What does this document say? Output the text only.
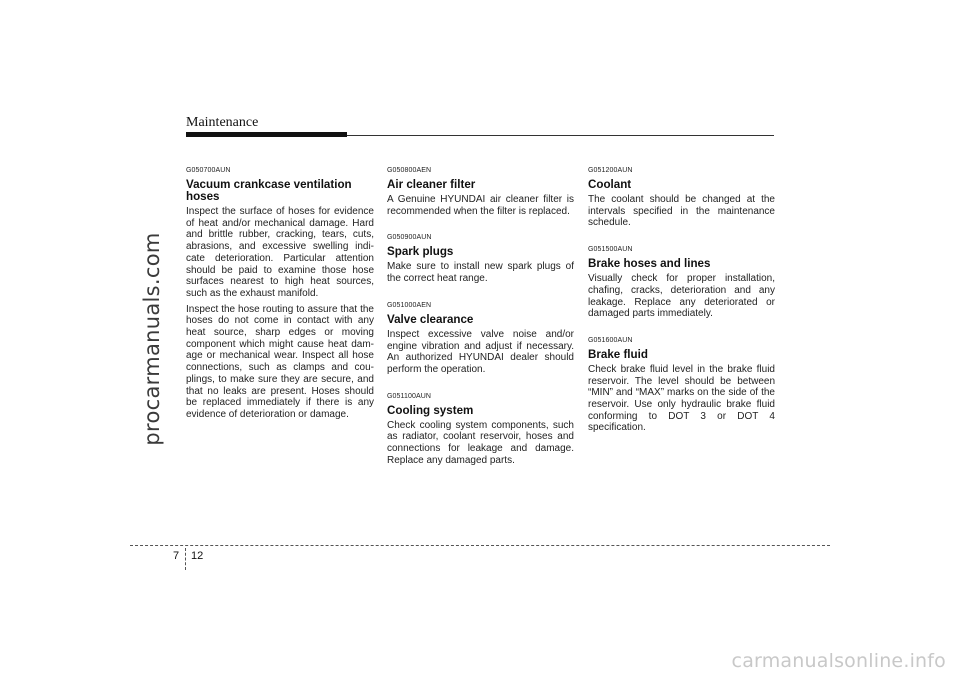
procarmanuals.com
Maintenance
G050700AUN
Vacuum crankcase ventilation hoses

Inspect the surface of hoses for evidence of heat and/or mechanical damage. Hard and brittle rubber, cracking, tears, cuts, abrasions, and excessive swelling indi-cate deterioration. Particular attention should be paid to examine those hose surfaces nearest to high heat sources, such as the exhaust manifold.

Inspect the hose routing to assure that the hoses do not come in contact with any heat source, sharp edges or moving component which might cause heat dam-age or mechanical wear. Inspect all hose connections, such as clamps and cou-plings, to make sure they are secure, and that no leaks are present. Hoses should be replaced immediately if there is any evidence of deterioration or damage.

G050800AEN
Air cleaner filter

A Genuine HYUNDAI air cleaner filter is recommended when the filter is replaced.

G050900AUN
Spark plugs

Make sure to install new spark plugs of the correct heat range.

G051000AEN
Valve clearance

Inspect excessive valve noise and/or engine vibration and adjust if necessary. An authorized HYUNDAI dealer should perform the operation.

G051100AUN
Cooling system

Check cooling system components, such as radiator, coolant reservoir, hoses and connections for leakage and damage. Replace any damaged parts.

G051200AUN
Coolant

The coolant should be changed at the intervals specified in the maintenance schedule.

G051500AUN
Brake hoses and lines

Visually check for proper installation, chafing, cracks, deterioration and any leakage. Replace any deteriorated or damaged parts immediately.

G051600AUN
Brake fluid

Check brake fluid level in the brake fluid reservoir. The level should be between “MIN” and “MAX” marks on the side of the reservoir. Use only hydraulic brake fluid conforming to DOT 3 or DOT 4 specification.

7 12
carmanualsonline.info
